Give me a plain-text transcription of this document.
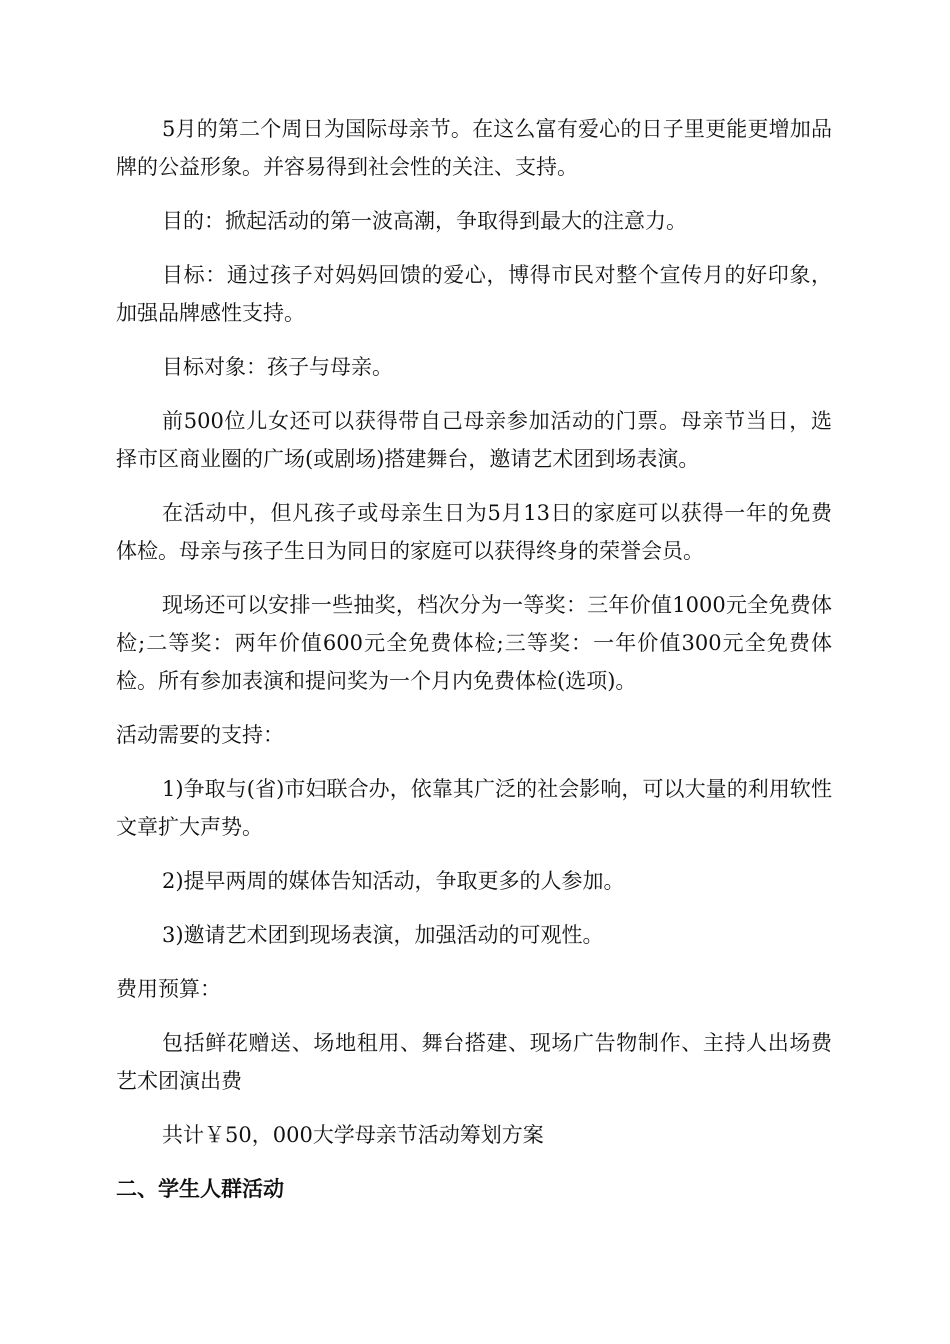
5月的第二个周日为国际母亲节。在这么富有爱心的日子里更能更增加品牌的公益形象。并容易得到社会性的关注、支持。

目的：掀起活动的第一波高潮，争取得到最大的注意力。

目标：通过孩子对妈妈回馈的爱心，博得市民对整个宣传月的好印象，加强品牌感性支持。

目标对象：孩子与母亲。

前500位儿女还可以获得带自己母亲参加活动的门票。母亲节当日，选择市区商业圈的广场(或剧场)搭建舞台，邀请艺术团到场表演。

在活动中，但凡孩子或母亲生日为5月13日的家庭可以获得一年的免费体检。母亲与孩子生日为同日的家庭可以获得终身的荣誉会员。

现场还可以安排一些抽奖，档次分为一等奖：三年价值1000元全免费体检;二等奖：两年价值600元全免费体检;三等奖：一年价值300元全免费体检。所有参加表演和提问奖为一个月内免费体检(选项)。

活动需要的支持：

1)争取与(省)市妇联合办，依靠其广泛的社会影响，可以大量的利用软性文章扩大声势。

2)提早两周的媒体告知活动，争取更多的人参加。

3)邀请艺术团到现场表演，加强活动的可观性。

费用预算：

包括鲜花赠送、场地租用、舞台搭建、现场广告物制作、主持人出场费艺术团演出费

共计￥50，000大学母亲节活动筹划方案

二、学生人群活动
